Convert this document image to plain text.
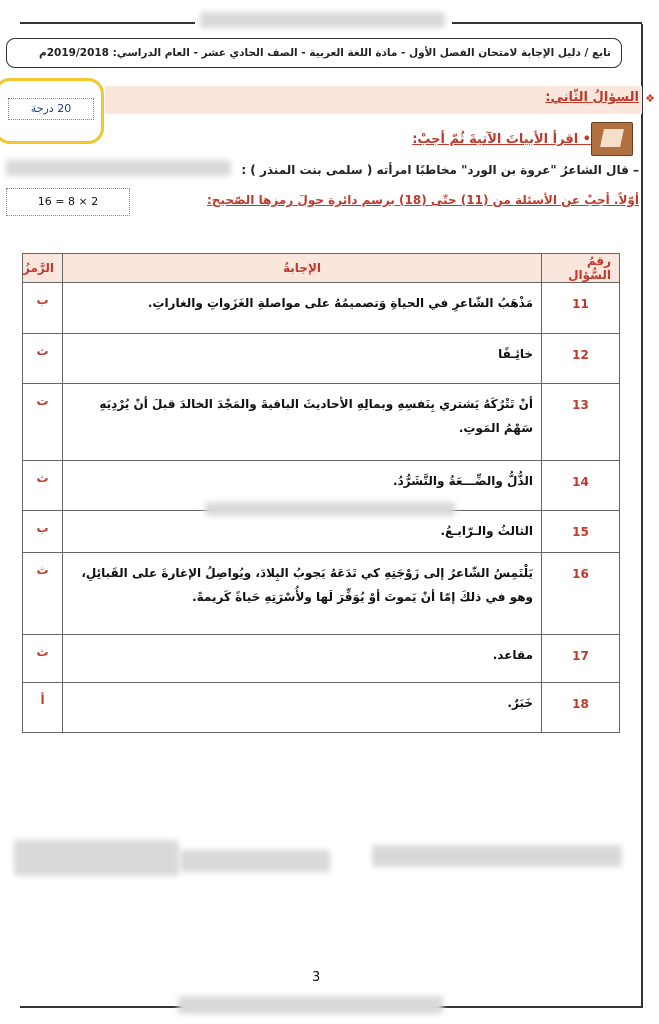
تابع / دليل الإجابة لامتحان الفصل الأول - مادة اللغة العربية - الصف الحادي عشر - العام الدراسي: 2019/2018م
❖
السؤالُ الثّاني:
20 درجة
• اقرأ الأبياتَ الآتيةَ ثُمّ أجبْ:
– قال الشاعرُ "عروة بن الورد" مخاطبًا امرأته ( سلمى بنت المنذر ) :
16 = 8 × 2	أوّلاً. أجبْ عن الأسئلة من (11) حتّى (18) برسم دائرة حولَ رمزها الصّحيح:
رقمُ السُّؤالِ	الإجابةُ	الرَّمزُ
11	مَذْهَبُ الشّاعرِ في الحياةِ وَتصميمُهُ على مواصلةِ الغَزَواتِ والغاراتِ.	ب
12	خائِـفًا	ث
13	أنْ تَتْرُكَهُ يَشتري بِنَفسِهِ وبمالِهِ الأحاديثَ الباقيةَ والمَجْدَ الخالدَ قبلَ أنْ يُرْدِيَهِ سَهْمُ المَوتِ.	ت
14	الذُّلُّ والضِّـــعَةُ والتَّشَرُّدُ.	ث
15	الثالثُ والـرّابـعُ.	ب
16	يَلْتَمِسُ الشّاعرُ إلى زَوْجَتِهِ كي تَدَعَهُ يَجوبُ البِلادَ، ويُواصِلُ الإغارةَ على القَبائِلِ، وهو في ذلكَ إمّا أنْ يَموتَ أوْ يُوَفِّرَ لَها ولأُسْرَتِهِ حَياةً كَريمةً.	ث
17	مقاعد.	ث
18	خَبَرٌ.	أ
3
